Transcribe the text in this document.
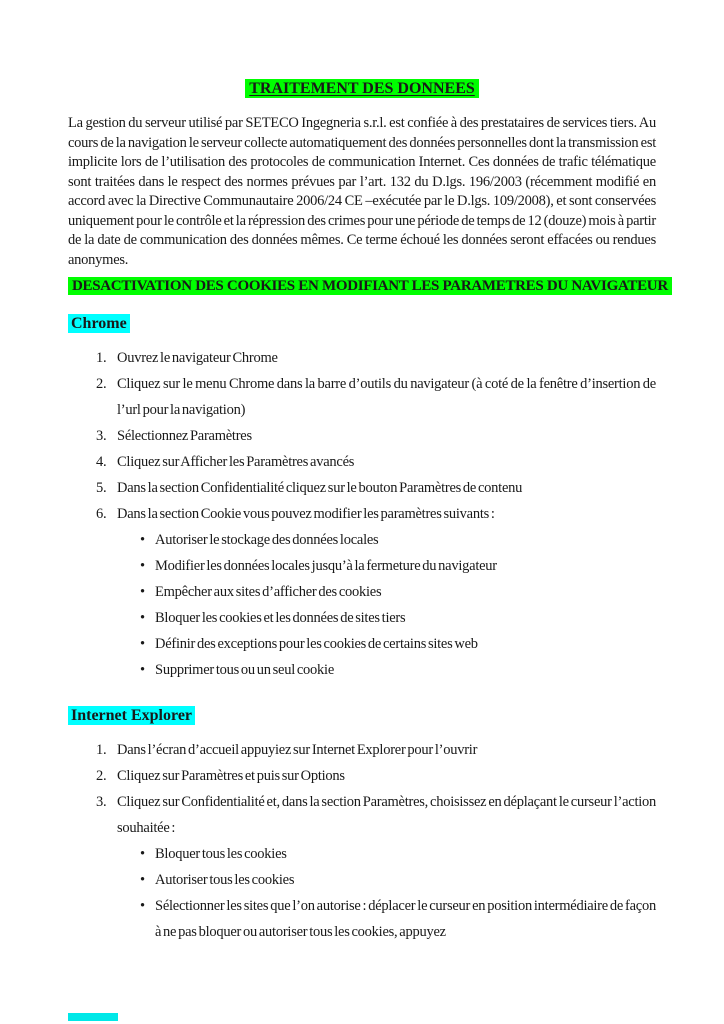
TRAITEMENT DES DONNEES

La gestion du serveur utilisé par SETECO Ingegneria s.r.l. est confiée à des prestataires de services tiers. Au cours de la navigation le serveur collecte automatiquement des données personnelles dont la transmission est implicite lors de l’utilisation des protocoles de communication Internet. Ces données de trafic télématique sont traitées dans le respect des normes prévues par l’art. 132 du D.lgs. 196/2003 (récemment modifié en accord avec la Directive Communautaire 2006/24 CE –exécutée par le D.lgs. 109/2008), et sont conservées uniquement pour le contrôle et la répression des crimes pour une période de temps de 12 (douze) mois à partir de la date de communication des données mêmes. Ce terme échoué les données seront effacées ou rendues anonymes.

DESACTIVATION DES COOKIES EN MODIFIANT LES PARAMETRES DU NAVIGATEUR
Chrome
1. Ouvrez le navigateur Chrome
2. Cliquez sur le menu Chrome dans la barre d’outils du navigateur (à coté de la fenêtre d’insertion de l’url pour la navigation)
3. Sélectionnez Paramètres
4. Cliquez sur Afficher les Paramètres avancés
5. Dans la section Confidentialité cliquez sur le bouton Paramètres de contenu
6. Dans la section Cookie vous pouvez modifier les paramètres suivants :
• Autoriser le stockage des données locales
• Modifier les données locales jusqu’à la fermeture du navigateur
• Empêcher aux sites d’afficher des cookies
• Bloquer les cookies et les données de sites tiers
• Définir des exceptions pour les cookies de certains sites web
• Supprimer tous ou un seul cookie
Internet Explorer
1. Dans l’écran d’accueil appuyiez sur Internet Explorer pour l’ouvrir
2. Cliquez sur Paramètres et puis sur Options
3. Cliquez sur Confidentialité et, dans la section Paramètres, choisissez en déplaçant le curseur l’action souhaitée :
• Bloquer tous les cookies
• Autoriser tous les cookies
• Sélectionner les sites que l’on autorise : déplacer le curseur en position intermédiaire de façon à ne pas bloquer ou autoriser tous les cookies, appuyez
